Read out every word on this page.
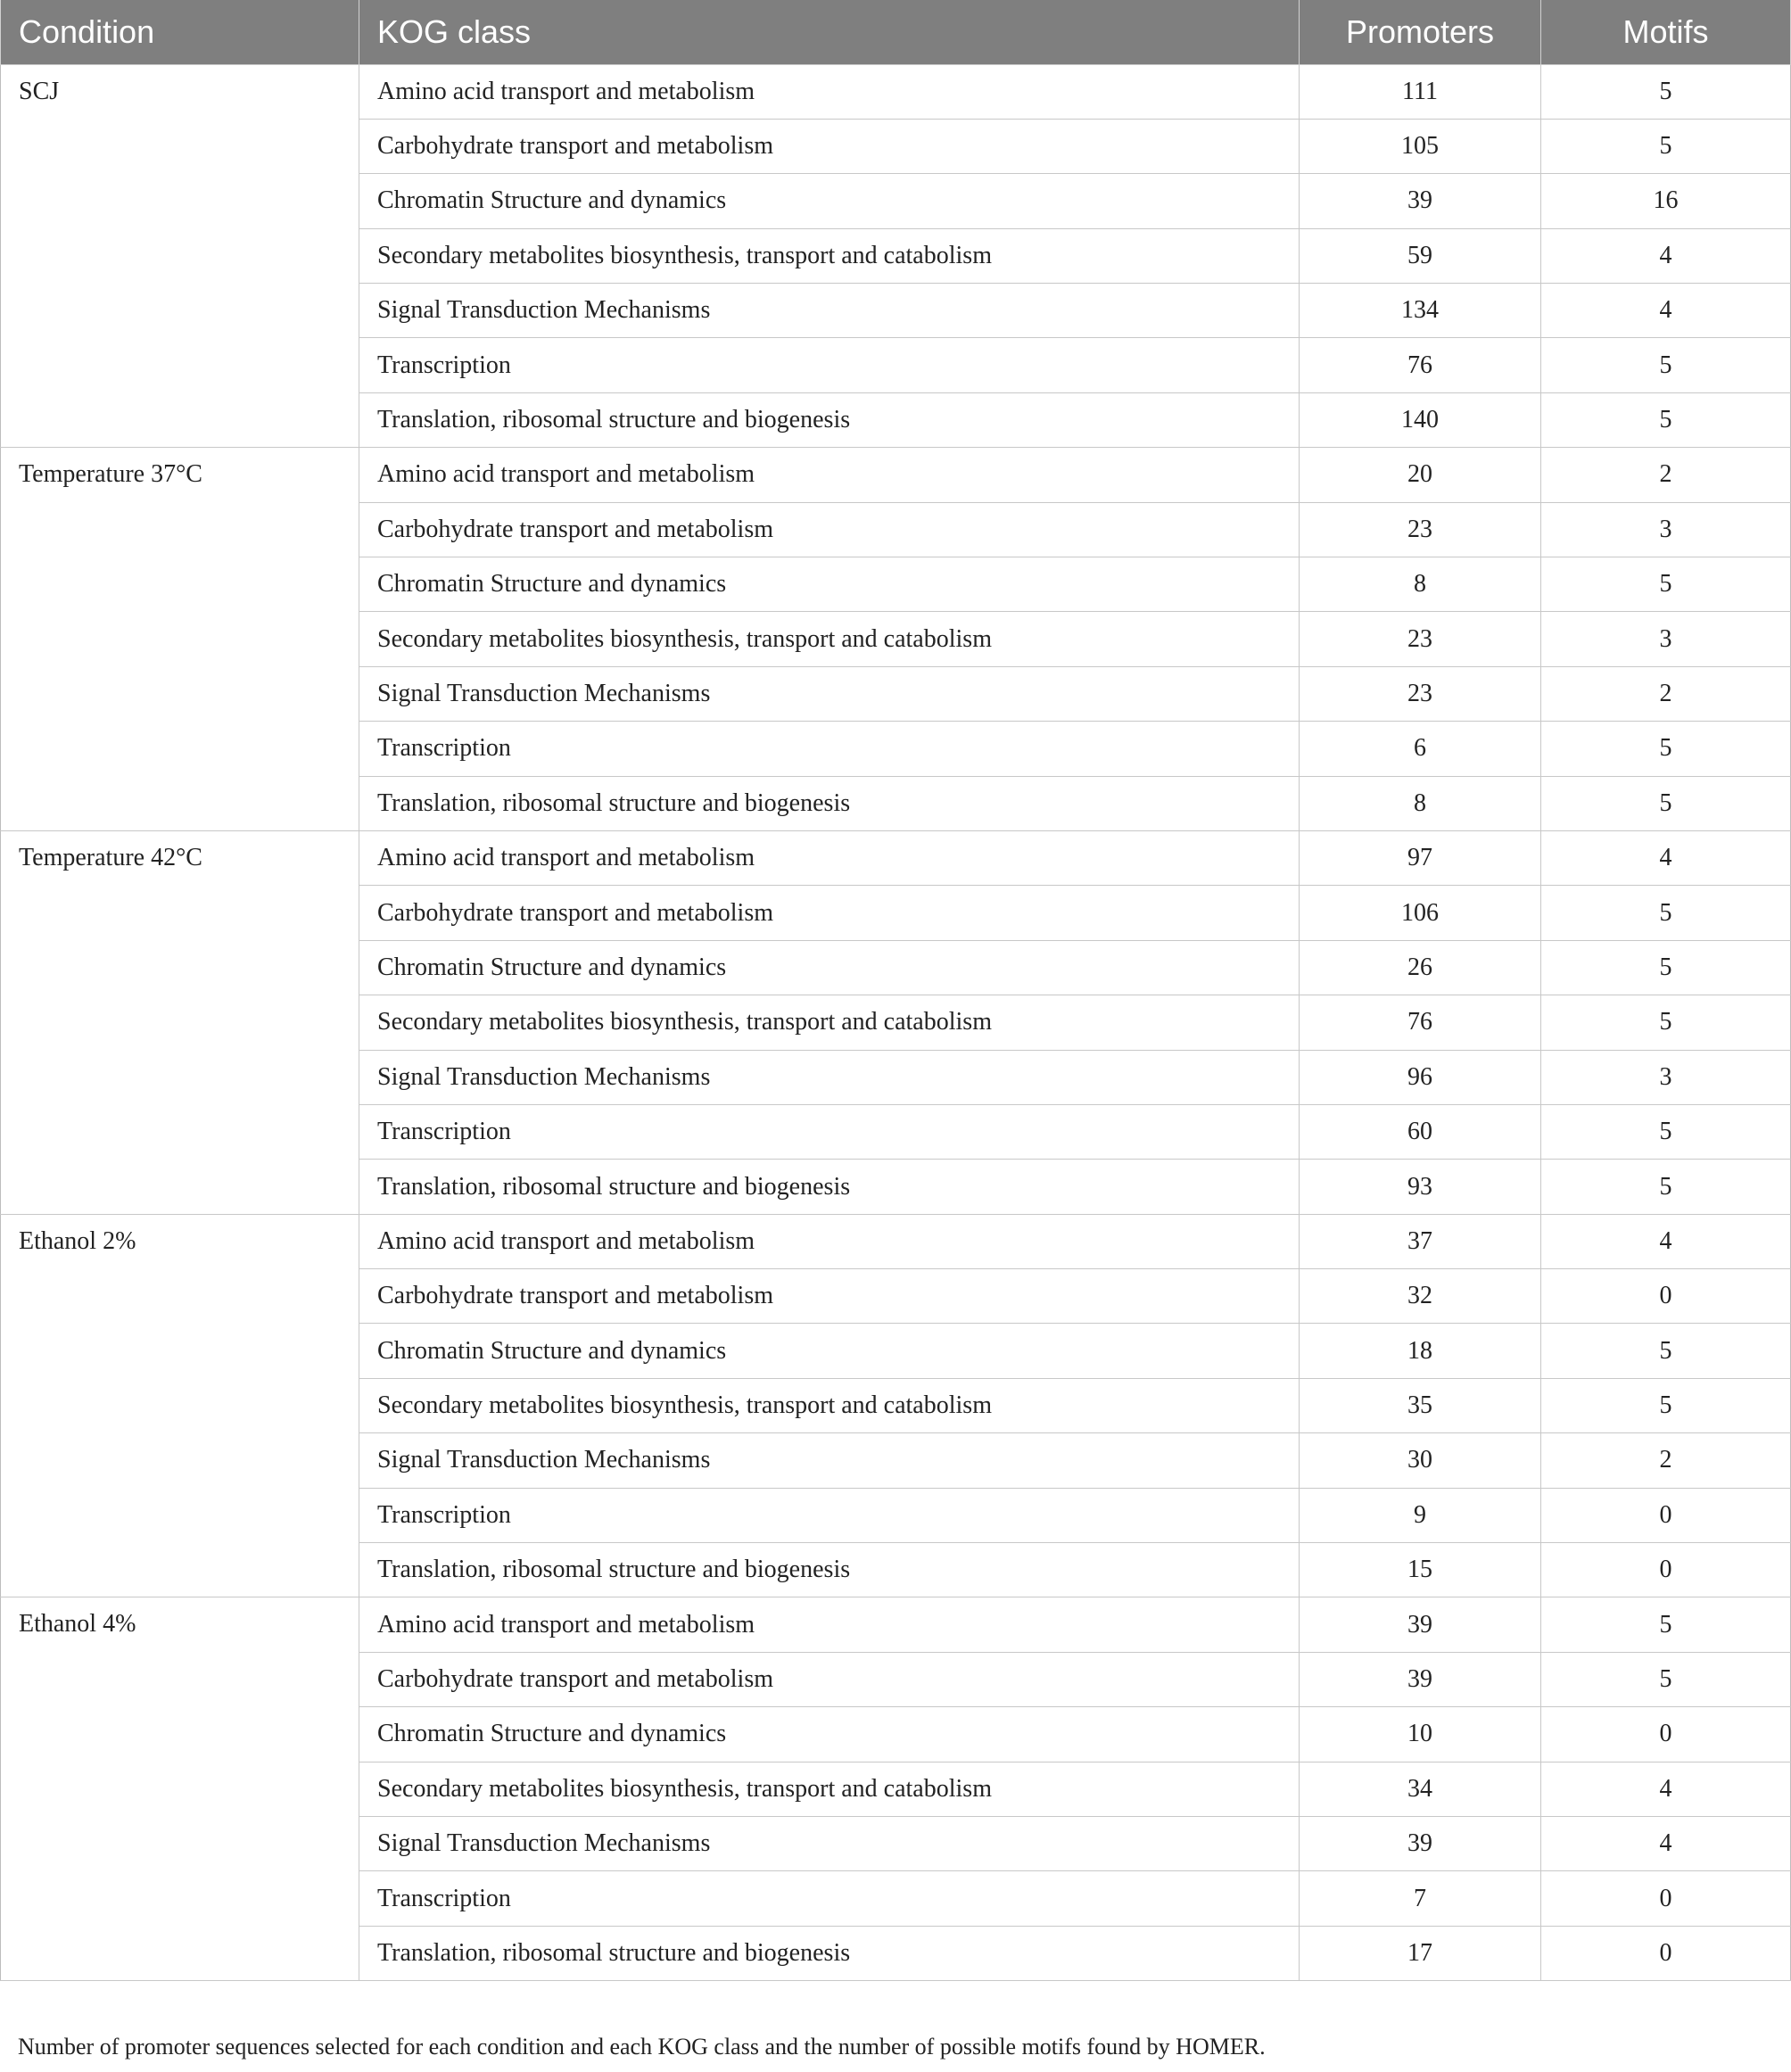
Condition	KOG class	Promoters	Motifs
SCJ	Amino acid transport and metabolism	111	5
	Carbohydrate transport and metabolism	105	5
	Chromatin Structure and dynamics	39	16
	Secondary metabolites biosynthesis, transport and catabolism	59	4
	Signal Transduction Mechanisms	134	4
	Transcription	76	5
	Translation, ribosomal structure and biogenesis	140	5
Temperature 37°C	Amino acid transport and metabolism	20	2
	Carbohydrate transport and metabolism	23	3
	Chromatin Structure and dynamics	8	5
	Secondary metabolites biosynthesis, transport and catabolism	23	3
	Signal Transduction Mechanisms	23	2
	Transcription	6	5
	Translation, ribosomal structure and biogenesis	8	5
Temperature 42°C	Amino acid transport and metabolism	97	4
	Carbohydrate transport and metabolism	106	5
	Chromatin Structure and dynamics	26	5
	Secondary metabolites biosynthesis, transport and catabolism	76	5
	Signal Transduction Mechanisms	96	3
	Transcription	60	5
	Translation, ribosomal structure and biogenesis	93	5
Ethanol 2%	Amino acid transport and metabolism	37	4
	Carbohydrate transport and metabolism	32	0
	Chromatin Structure and dynamics	18	5
	Secondary metabolites biosynthesis, transport and catabolism	35	5
	Signal Transduction Mechanisms	30	2
	Transcription	9	0
	Translation, ribosomal structure and biogenesis	15	0
Ethanol 4%	Amino acid transport and metabolism	39	5
	Carbohydrate transport and metabolism	39	5
	Chromatin Structure and dynamics	10	0
	Secondary metabolites biosynthesis, transport and catabolism	34	4
	Signal Transduction Mechanisms	39	4
	Transcription	7	0
	Translation, ribosomal structure and biogenesis	17	0

Number of promoter sequences selected for each condition and each KOG class and the number of possible motifs found by HOMER.
